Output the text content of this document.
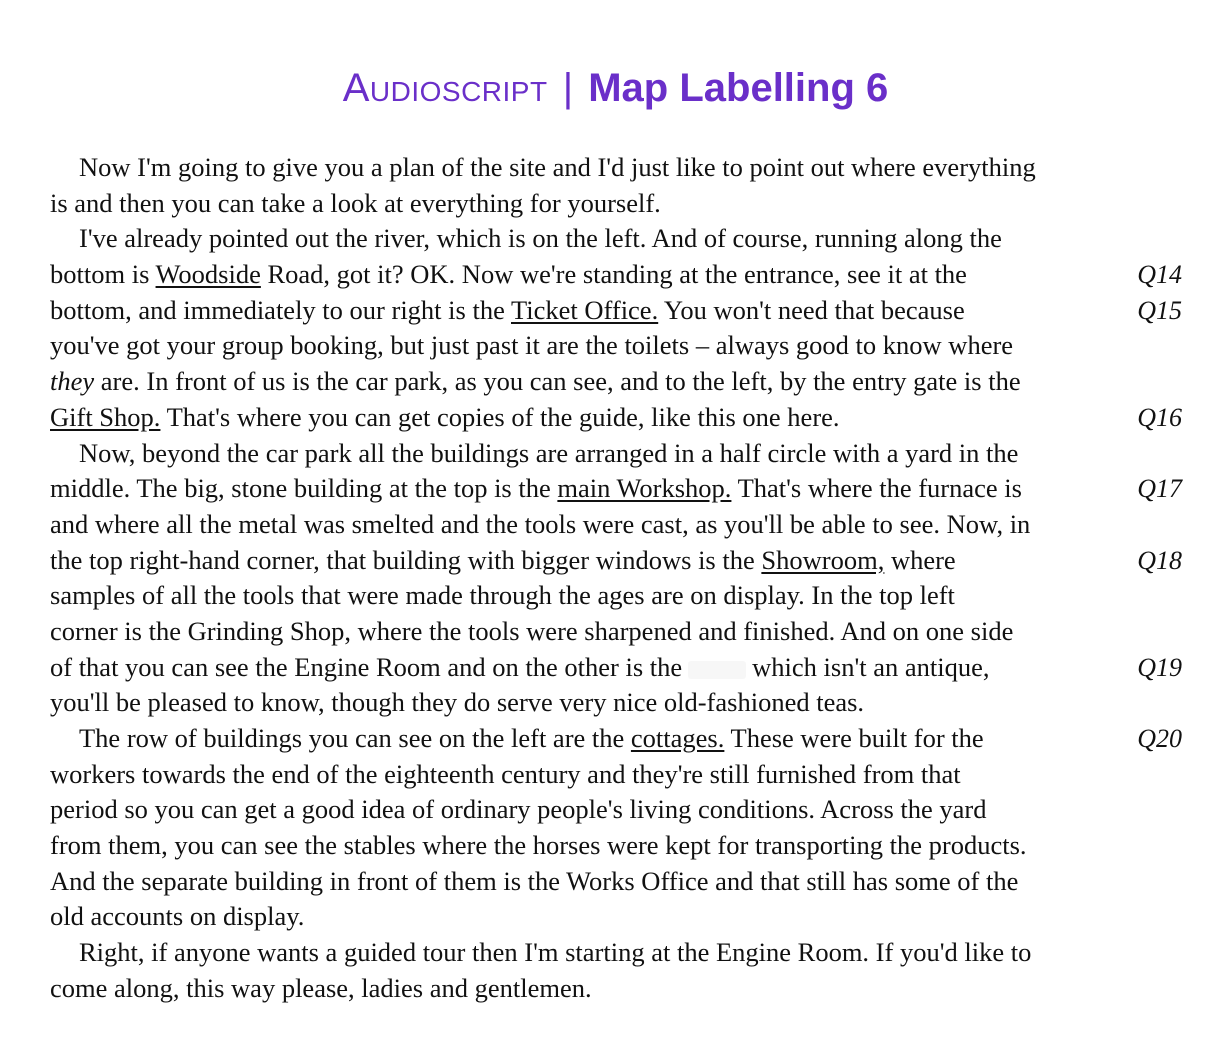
Audioscript | Map Labelling 6
Now I'm going to give you a plan of the site and I'd just like to point out where everything
is and then you can take a look at everything for yourself.
I've already pointed out the river, which is on the left. And of course, running along the
bottom is Woodside Road, got it? OK. Now we're standing at the entrance, see it at the	Q14
bottom, and immediately to our right is the Ticket Office. You won't need that because	Q15
you've got your group booking, but just past it are the toilets – always good to know where
they are. In front of us is the car park, as you can see, and to the left, by the entry gate is the
Gift Shop. That's where you can get copies of the guide, like this one here.	Q16
Now, beyond the car park all the buildings are arranged in a half circle with a yard in the
middle. The big, stone building at the top is the main Workshop. That's where the furnace is	Q17
and where all the metal was smelted and the tools were cast, as you'll be able to see. Now, in
the top right-hand corner, that building with bigger windows is the Showroom, where	Q18
samples of all the tools that were made through the ages are on display. In the top left
corner is the Grinding Shop, where the tools were sharpened and finished. And on one side
of that you can see the Engine Room and on the other is the	which isn't an antique,	Q19
you'll be pleased to know, though they do serve very nice old-fashioned teas.
The row of buildings you can see on the left are the cottages. These were built for the	Q20
workers towards the end of the eighteenth century and they're still furnished from that
period so you can get a good idea of ordinary people's living conditions. Across the yard
from them, you can see the stables where the horses were kept for transporting the products.
And the separate building in front of them is the Works Office and that still has some of the
old accounts on display.
Right, if anyone wants a guided tour then I'm starting at the Engine Room. If you'd like to
come along, this way please, ladies and gentlemen.
